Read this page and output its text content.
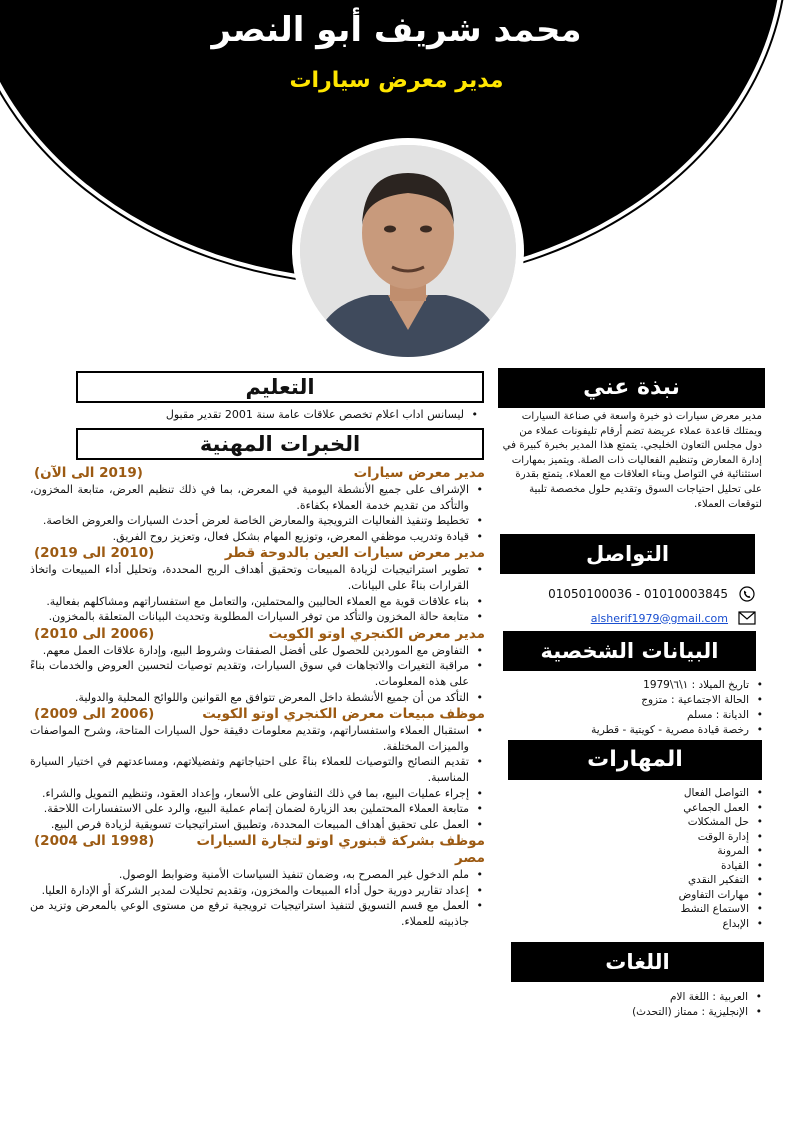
محمد شريف أبو النصر
مدير معرض سيارات
نبذة عني
مدير معرض سيارات ذو خبرة واسعة في صناعة السيارات ويمتلك قاعدة عملاء عريضة تضم أرقام تليفونات عملاء من دول مجلس التعاون الخليجي. يتمتع هذا المدير بخبرة كبيرة في إدارة المعارض وتنظيم الفعاليات ذات الصلة. ويتميز بمهارات استثنائية في التواصل وبناء العلاقات مع العملاء. يتمتع بقدرة على تحليل احتياجات السوق وتقديم حلول مخصصة تلبية لتوقعات العملاء.
التواصل
01050100036 - 01010003845
alsherif1979@gmail.com
البيانات الشخصية
• تاريخ الميلاد : ١\٦\1979
• الحالة الاجتماعية : متزوج
• الديانة : مسلم
• رخصة قيادة مصرية - كويتية - قطرية
المهارات
• التواصل الفعال
• العمل الجماعي
• حل المشكلات
• إدارة الوقت
• المرونة
• القيادة
• التفكير النقدي
• مهارات التفاوض
• الاستماع النشط
• الإبداع
اللغات
• العربية : اللغة الام
• الإنجليزية : ممتاز (التحدث)
التعليم
• ليسانس اداب اعلام تخصص علاقات عامة سنة 2001 تقدير مقبول
الخبرات المهنية
مدير معرض سيارات
(2019 الى الآن)
• الإشراف على جميع الأنشطة اليومية في المعرض، بما في ذلك تنظيم العرض، متابعة المخزون، والتأكد من تقديم خدمة العملاء بكفاءة.
• تخطيط وتنفيذ الفعاليات الترويجية والمعارض الخاصة لعرض أحدث السيارات والعروض الخاصة.
• قيادة وتدريب موظفي المعرض، وتوزيع المهام بشكل فعال، وتعزيز روح الفريق.
مدير معرض سيارات العين بالدوحة قطر
(2010 الى 2019)
• تطوير استراتيجيات لزيادة المبيعات وتحقيق أهداف الربح المحددة، وتحليل أداء المبيعات واتخاذ القرارات بناءً على البيانات.
• بناء علاقات قوية مع العملاء الحاليين والمحتملين، والتعامل مع استفساراتهم ومشاكلهم بفعالية.
• متابعة حالة المخزون والتأكد من توفر السيارات المطلوبة وتحديث البيانات المتعلقة بالمخزون.
مدير معرض الكنجري اوتو الكويت
(2006 الى 2010)
• التفاوض مع الموردين للحصول على أفضل الصفقات وشروط البيع، وإدارة علاقات العمل معهم.
• مراقبة التغيرات والاتجاهات في سوق السيارات، وتقديم توصيات لتحسين العروض والخدمات بناءً على هذه المعلومات.
• التأكد من أن جميع الأنشطة داخل المعرض تتوافق مع القوانين واللوائح المحلية والدولية.
موظف مبيعات معرض الكنجري اوتو الكويت
(2006 الى 2009)
• استقبال العملاء واستفساراتهم، وتقديم معلومات دقيقة حول السيارات المتاحة، وشرح المواصفات والميزات المختلفة.
• تقديم النصائح والتوصيات للعملاء بناءً على احتياجاتهم وتفضيلاتهم، ومساعدتهم في اختيار السيارة المناسبة.
• إجراء عمليات البيع، بما في ذلك التفاوض على الأسعار، وإعداد العقود، وتنظيم التمويل والشراء.
• متابعة العملاء المحتملين بعد الزيارة لضمان إتمام عملية البيع، والرد على الاستفسارات اللاحقة.
• العمل على تحقيق أهداف المبيعات المحددة، وتطبيق استراتيجيات تسويقية لزيادة فرص البيع.
موظف بشركة قبنوري اوتو لتجارة السيارات مصر
(1998 الى 2004)
• ملم الدخول غير المصرح به، وضمان تنفيذ السياسات الأمنية وضوابط الوصول.
• إعداد تقارير دورية حول أداء المبيعات والمخزون، وتقديم تحليلات لمدير الشركة أو الإدارة العليا.
• العمل مع قسم التسويق لتنفيذ استراتيجيات ترويجية ترفع من مستوى الوعي بالمعرض وتزيد من جاذبيته للعملاء.
